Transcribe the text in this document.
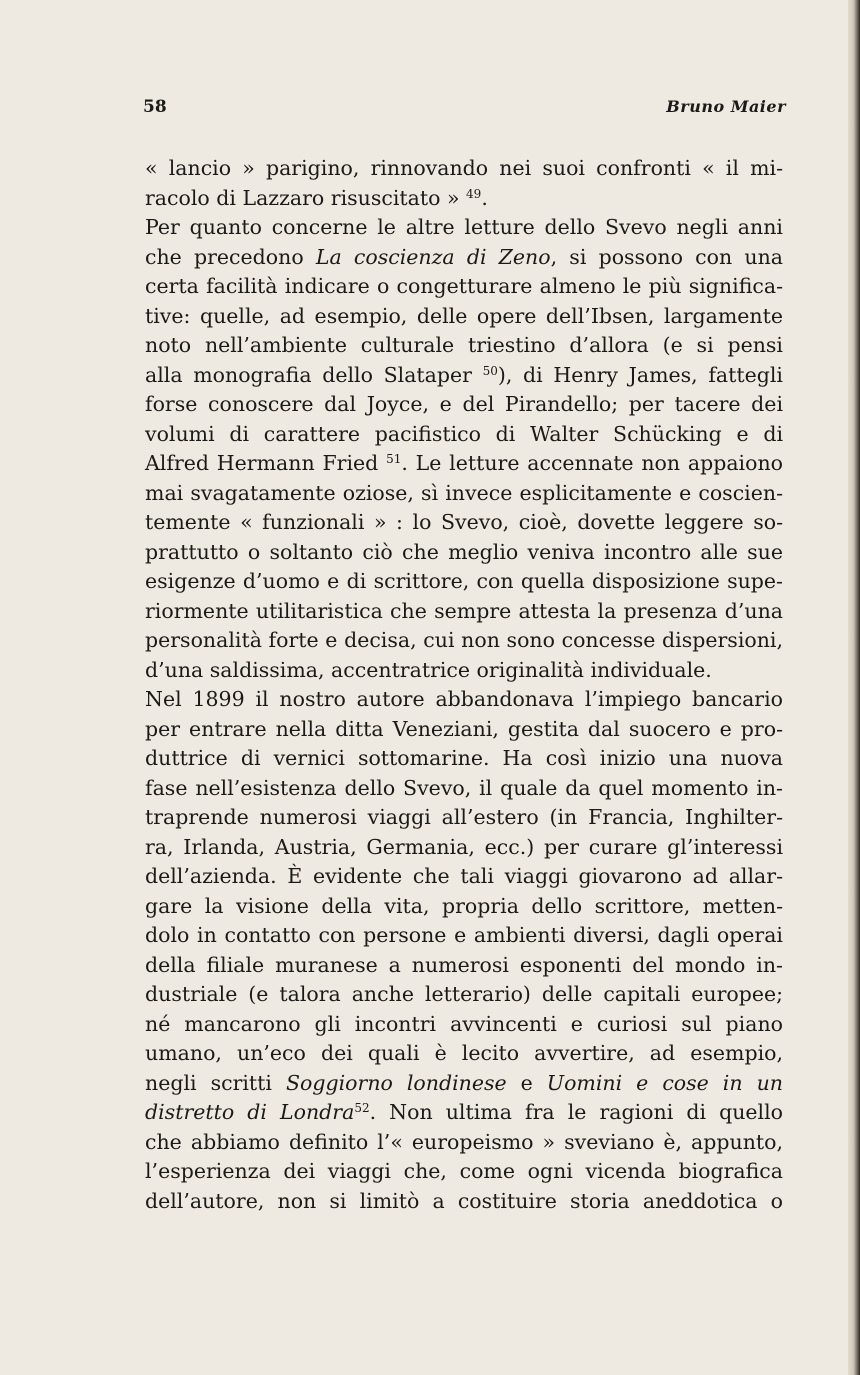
58	Bruno Maier
« lancio » parigino, rinnovando nei suoi confronti « il mi-
racolo di Lazzaro risuscitato » $^{49}$.
Per quanto concerne le altre letture dello Svevo negli anni
che precedono La coscienza di Zeno, si possono con una
certa facilità indicare o congetturare almeno le più significa-
tive: quelle, ad esempio, delle opere dell’Ibsen, largamente
noto nell’ambiente culturale triestino d’allora (e si pensi
alla monografia dello Slataper $^{50}$), di Henry James, fattegli
forse conoscere dal Joyce, e del Pirandello; per tacere dei
volumi di carattere pacifistico di Walter Schücking e di
Alfred Hermann Fried $^{51}$. Le letture accennate non appaiono
mai svagatamente oziose, sì invece esplicitamente e coscien-
temente « funzionali » : lo Svevo, cioè, dovette leggere so-
prattutto o soltanto ciò che meglio veniva incontro alle sue
esigenze d’uomo e di scrittore, con quella disposizione supe-
riormente utilitaristica che sempre attesta la presenza d’una
personalità forte e decisa, cui non sono concesse dispersioni,
d’una saldissima, accentratrice originalità individuale.
Nel 1899 il nostro autore abbandonava l’impiego bancario
per entrare nella ditta Veneziani, gestita dal suocero e pro-
duttrice di vernici sottomarine. Ha così inizio una nuova
fase nell’esistenza dello Svevo, il quale da quel momento in-
traprende numerosi viaggi all’estero (in Francia, Inghilter-
ra, Irlanda, Austria, Germania, ecc.) per curare gl’interessi
dell’azienda. È evidente che tali viaggi giovarono ad allar-
gare la visione della vita, propria dello scrittore, metten-
dolo in contatto con persone e ambienti diversi, dagli operai
della filiale muranese a numerosi esponenti del mondo in-
dustriale (e talora anche letterario) delle capitali europee;
né mancarono gli incontri avvincenti e curiosi sul piano
umano, un’eco dei quali è lecito avvertire, ad esempio,
negli scritti Soggiorno londinese e Uomini e cose in un
distretto di Londra$^{52}$. Non ultima fra le ragioni di quello
che abbiamo definito l’« europeismo » sveviano è, appunto,
l’esperienza dei viaggi che, come ogni vicenda biografica
dell’autore, non si limitò a costituire storia aneddotica o
